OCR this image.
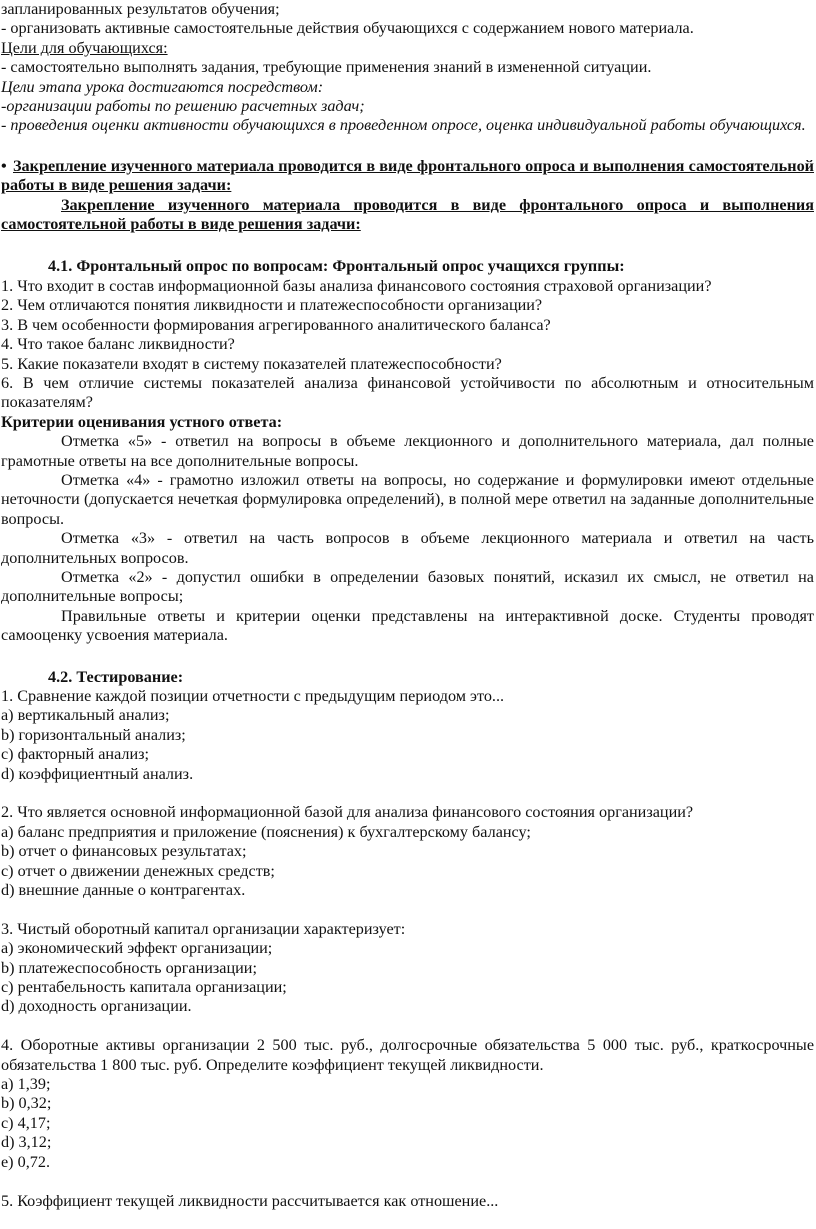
запланированных результатов обучения;

- организовать активные самостоятельные действия обучающихся с содержанием нового материала.

Цели для обучающихся:

- самостоятельно выполнять задания, требующие применения знаний в измененной ситуации.

Цели этапа урока достигаются посредством:

-организации работы по решению расчетных задач;

- проведения оценки активности обучающихся в проведенном опросе, оценка индивидуальной работы обучающихся.

• Закрепление изученного материала проводится в виде фронтального опроса и выполнения самостоятельной работы в виде решения задачи:

Закрепление изученного материала проводится в виде фронтального опроса и выполнения самостоятельной работы в виде решения задачи:

4.1. Фронтальный опрос по вопросам: Фронтальный опрос учащихся группы:

1. Что входит в состав информационной базы анализа финансового состояния страховой организации?

2. Чем отличаются понятия ликвидности и платежеспособности организации?

3. В чем особенности формирования агрегированного аналитического баланса?

4. Что такое баланс ликвидности?

5. Какие показатели входят в систему показателей платежеспособности?

6. В чем отличие системы показателей анализа финансовой устойчивости по абсолютным и относительным показателям?

Критерии оценивания устного ответа:

Отметка «5» - ответил на вопросы в объеме лекционного и дополнительного материала, дал полные грамотные ответы на все дополнительные вопросы.

Отметка «4» - грамотно изложил ответы на вопросы, но содержание и формулировки имеют отдельные неточности (допускается нечеткая формулировка определений), в полной мере ответил на заданные дополнительные вопросы.

Отметка «3» - ответил на часть вопросов в объеме лекционного материала и ответил на часть дополнительных вопросов.

Отметка «2» - допустил ошибки в определении базовых понятий, исказил их смысл, не ответил на дополнительные вопросы;

Правильные ответы и критерии оценки представлены на интерактивной доске. Студенты проводят самооценку усвоения материала.

4.2. Тестирование:

1. Сравнение каждой позиции отчетности с предыдущим периодом это...

a) вертикальный анализ;

b) горизонтальный анализ;

c) факторный анализ;

d) коэффициентный анализ.

2. Что является основной информационной базой для анализа финансового состояния организации?

a) баланс предприятия и приложение (пояснения) к бухгалтерскому балансу;

b) отчет о финансовых результатах;

c) отчет о движении денежных средств;

d) внешние данные о контрагентах.

3. Чистый оборотный капитал организации характеризует:

a) экономический эффект организации;

b) платежеспособность организации;

c) рентабельность капитала организации;

d) доходность организации.

4. Оборотные активы организации 2 500 тыс. руб., долгосрочные обязательства 5 000 тыс. руб., краткосрочные обязательства 1 800 тыс. руб. Определите коэффициент текущей ликвидности.

a) 1,39;

b) 0,32;

c) 4,17;

d) 3,12;

e) 0,72.

5. Коэффициент текущей ликвидности рассчитывается как отношение...
